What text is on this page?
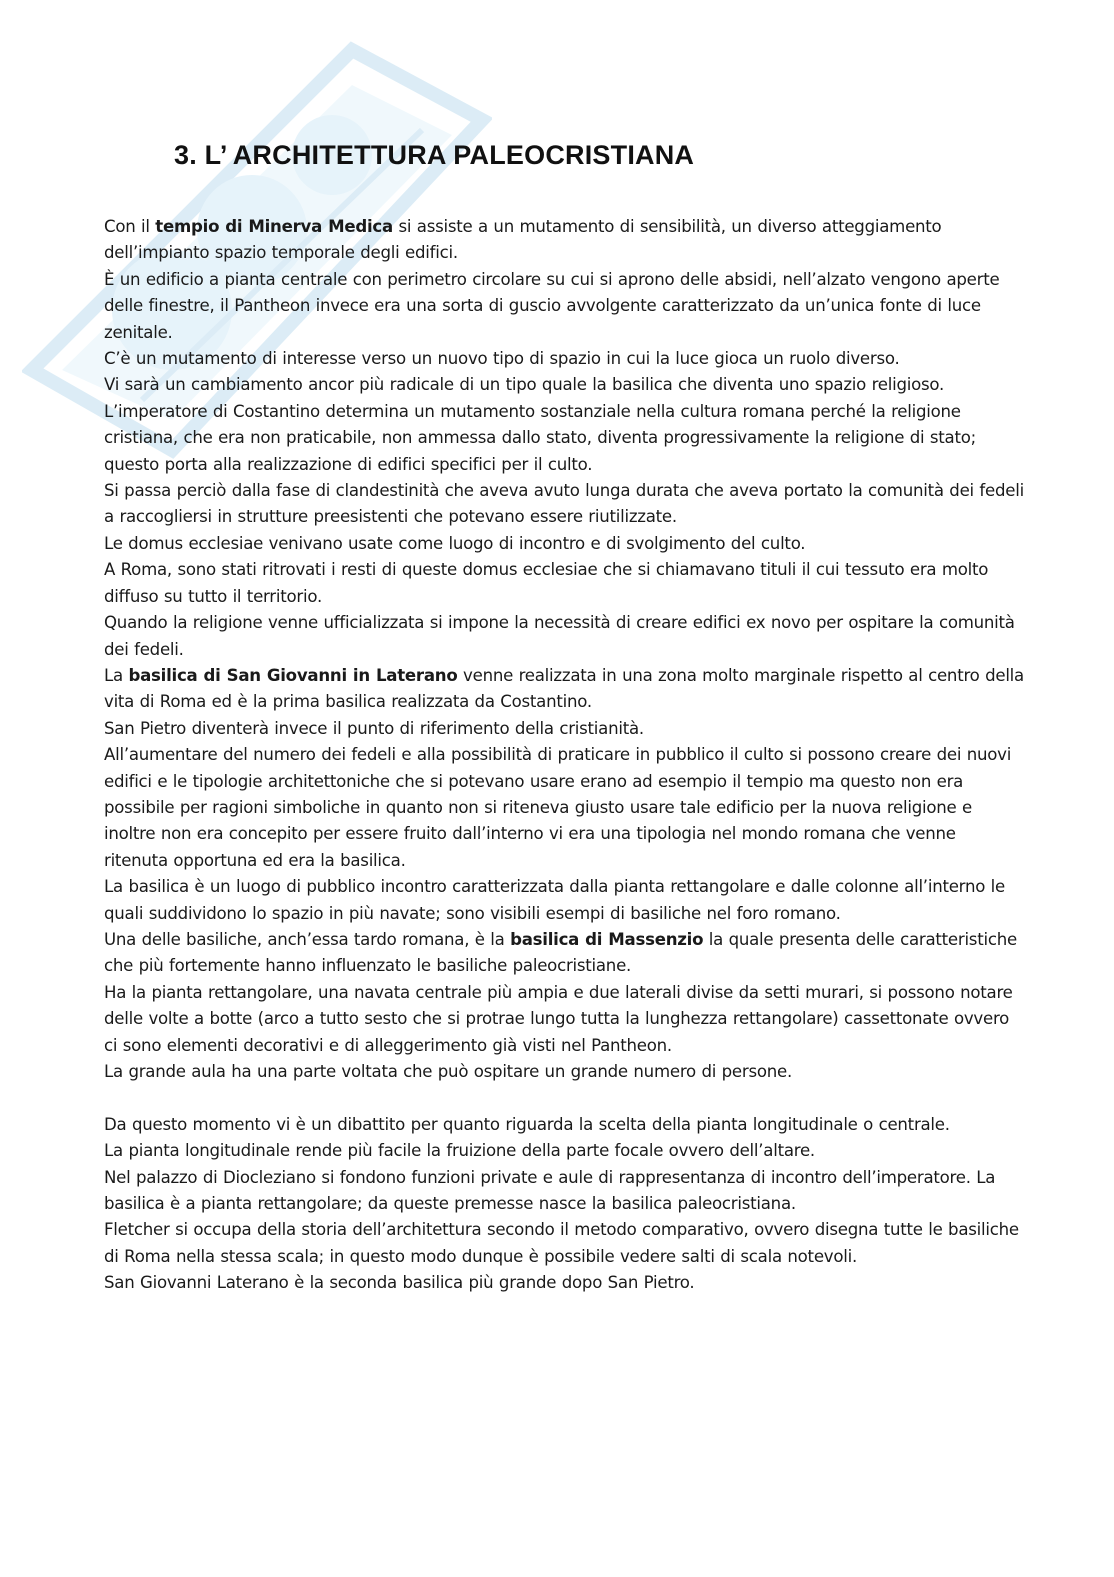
3. L’ ARCHITETTURA PALEOCRISTIANA

Con il tempio di Minerva Medica si assiste a un mutamento di sensibilità, un diverso atteggiamento dell’impianto spazio temporale degli edifici.

È un edificio a pianta centrale con perimetro circolare su cui si aprono delle absidi, nell’alzato vengono aperte delle finestre, il Pantheon invece era una sorta di guscio avvolgente caratterizzato da un’unica fonte di luce zenitale.

C’è un mutamento di interesse verso un nuovo tipo di spazio in cui la luce gioca un ruolo diverso.

Vi sarà un cambiamento ancor più radicale di un tipo quale la basilica che diventa uno spazio religioso.

L’imperatore di Costantino determina un mutamento sostanziale nella cultura romana perché la religione cristiana, che era non praticabile, non ammessa dallo stato, diventa progressivamente la religione di stato; questo porta alla realizzazione di edifici specifici per il culto.

Si passa perciò dalla fase di clandestinità che aveva avuto lunga durata che aveva portato la comunità dei fedeli a raccogliersi in strutture preesistenti che potevano essere riutilizzate.

Le domus ecclesiae venivano usate come luogo di incontro e di svolgimento del culto.

A Roma, sono stati ritrovati i resti di queste domus ecclesiae che si chiamavano tituli il cui tessuto era molto diffuso su tutto il territorio.

Quando la religione venne ufficializzata si impone la necessità di creare edifici ex novo per ospitare la comunità dei fedeli.

La basilica di San Giovanni in Laterano venne realizzata in una zona molto marginale rispetto al centro della vita di Roma ed è la prima basilica realizzata da Costantino.

San Pietro diventerà invece il punto di riferimento della cristianità.

All’aumentare del numero dei fedeli e alla possibilità di praticare in pubblico il culto si possono creare dei nuovi edifici e le tipologie architettoniche che si potevano usare erano ad esempio il tempio ma questo non era possibile per ragioni simboliche in quanto non si riteneva giusto usare tale edificio per la nuova religione e inoltre non era concepito per essere fruito dall’interno vi era una tipologia nel mondo romana che venne ritenuta opportuna ed era la basilica.

La basilica è un luogo di pubblico incontro caratterizzata dalla pianta rettangolare e dalle colonne all’interno le quali suddividono lo spazio in più navate; sono visibili esempi di basiliche nel foro romano.

Una delle basiliche, anch’essa tardo romana, è la basilica di Massenzio la quale presenta delle caratteristiche che più fortemente hanno influenzato le basiliche paleocristiane.

Ha la pianta rettangolare, una navata centrale più ampia e due laterali divise da setti murari, si possono notare delle volte a botte (arco a tutto sesto che si protrae lungo tutta la lunghezza rettangolare) cassettonate ovvero ci sono elementi decorativi e di alleggerimento già visti nel Pantheon.

La grande aula ha una parte voltata che può ospitare un grande numero di persone.

Da questo momento vi è un dibattito per quanto riguarda la scelta della pianta longitudinale o centrale.

La pianta longitudinale rende più facile la fruizione della parte focale ovvero dell’altare.

Nel palazzo di Diocleziano si fondono funzioni private e aule di rappresentanza di incontro dell’imperatore. La basilica è a pianta rettangolare; da queste premesse nasce la basilica paleocristiana.

Fletcher si occupa della storia dell’architettura secondo il metodo comparativo, ovvero disegna tutte le basiliche di Roma nella stessa scala; in questo modo dunque è possibile vedere salti di scala notevoli.

San Giovanni Laterano è la seconda basilica più grande dopo San Pietro.
